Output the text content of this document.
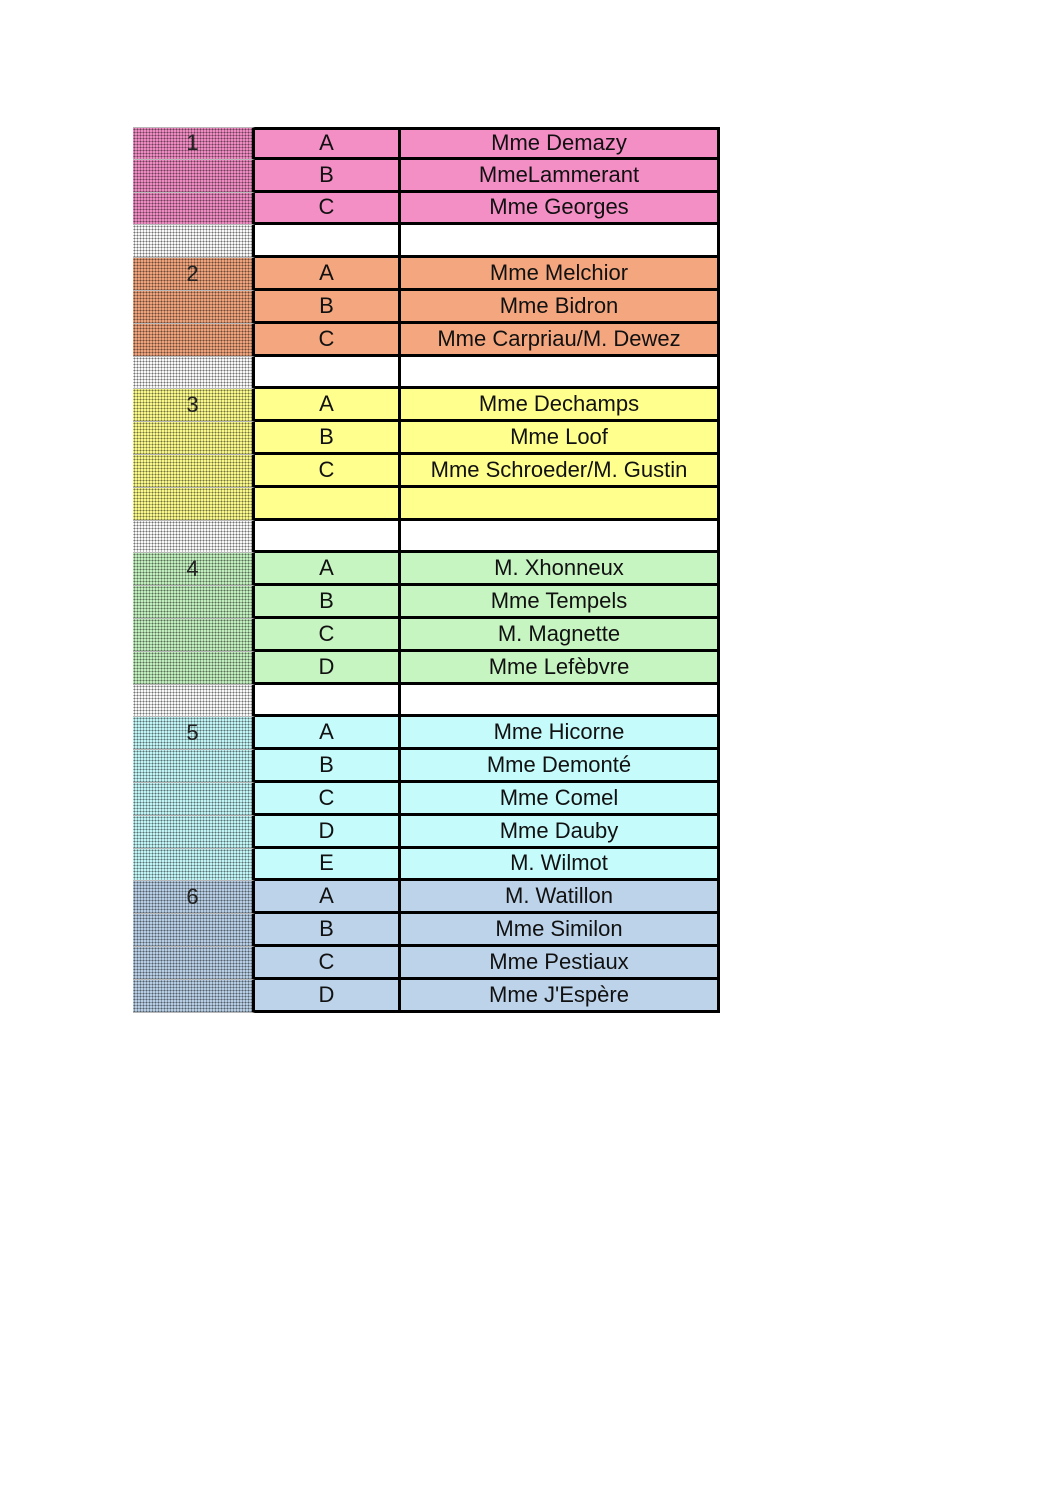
1	A	Mme Demazy
B	MmeLammerant
C	Mme Georges
2	A	Mme Melchior
B	Mme Bidron
C	Mme Carpriau/M. Dewez
3	A	Mme Dechamps
B	Mme Loof
C	Mme Schroeder/M. Gustin
4	A	M. Xhonneux
B	Mme Tempels
C	M. Magnette
D	Mme Lefèbvre
5	A	Mme Hicorne
B	Mme Demonté
C	Mme Comel
D	Mme Dauby
E	M. Wilmot
6	A	M. Watillon
B	Mme Similon
C	Mme Pestiaux
D	Mme J'Espère
